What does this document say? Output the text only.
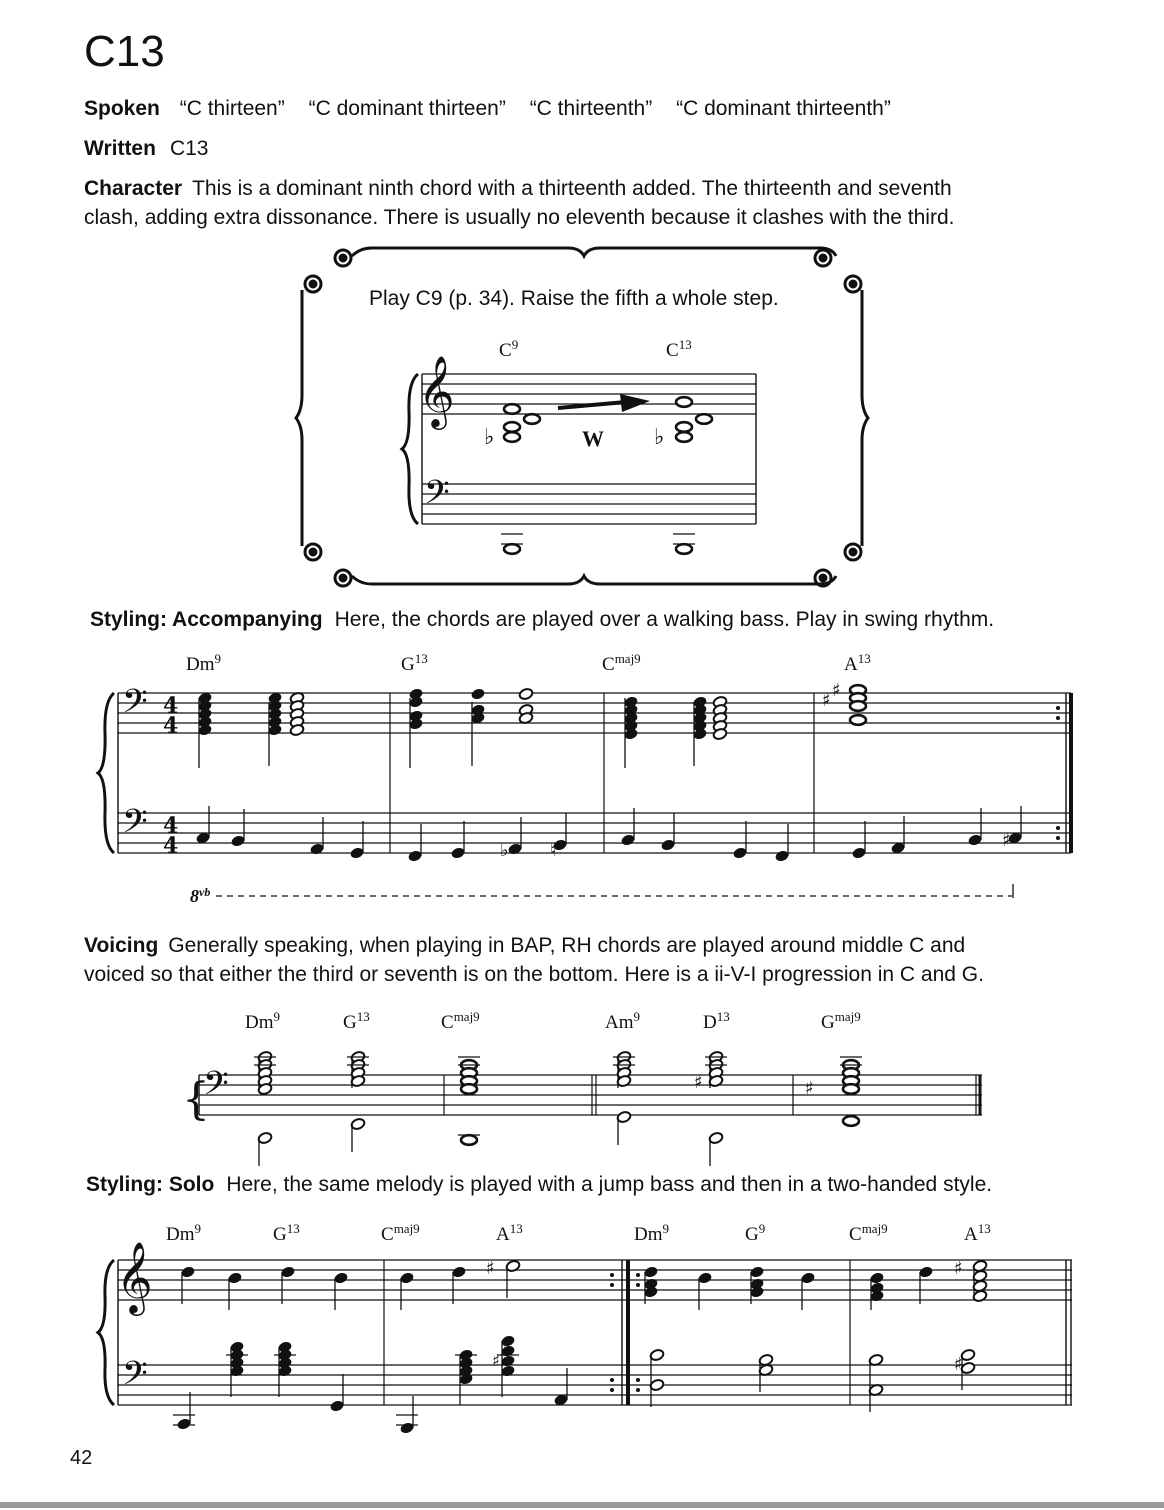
C13
Spoken “C thirteen” “C dominant thirteen” “C thirteenth” “C dominant thirteenth”
Written C13
Character This is a dominant ninth chord with a thirteenth added. The thirteenth and seventh
clash, adding extra dissonance. There is usually no eleventh because it clashes with the third.
Play C9 (p. 34). Raise the fifth a whole step.
Styling: Accompanying Here, the chords are played over a walking bass. Play in swing rhythm.
Voicing Generally speaking, when playing in BAP, RH chords are played around middle C and
voiced so that either the third or seventh is on the bottom. Here is a ii-V-I progression in C and G.
Styling: Solo Here, the same melody is played with a jump bass and then in a two-handed style.
42
𝄞
𝄢
♭	W ♭
𝄢
𝄢
4
4
4
4
♯ ♯
♭ ♮	♯
$8^{vb}$
{
𝄢	♯	♯
𝄞
𝄢
♯	♯
♯
♯
♯
$C^9$	$C^{13}$
Dm$^9$	$G^{13}$	$C^{maj9}$	$A^{13}$
Dm$^9$	$G^{13}$	$C^{maj9}$	Am$^9$	$D^{13}$	$G^{maj9}$
Dm$^9$	$G^{13}$	$C^{maj9}$	$A^{13}$	Dm$^9$	$G^9$	$C^{maj9}$	$A^{13}$
